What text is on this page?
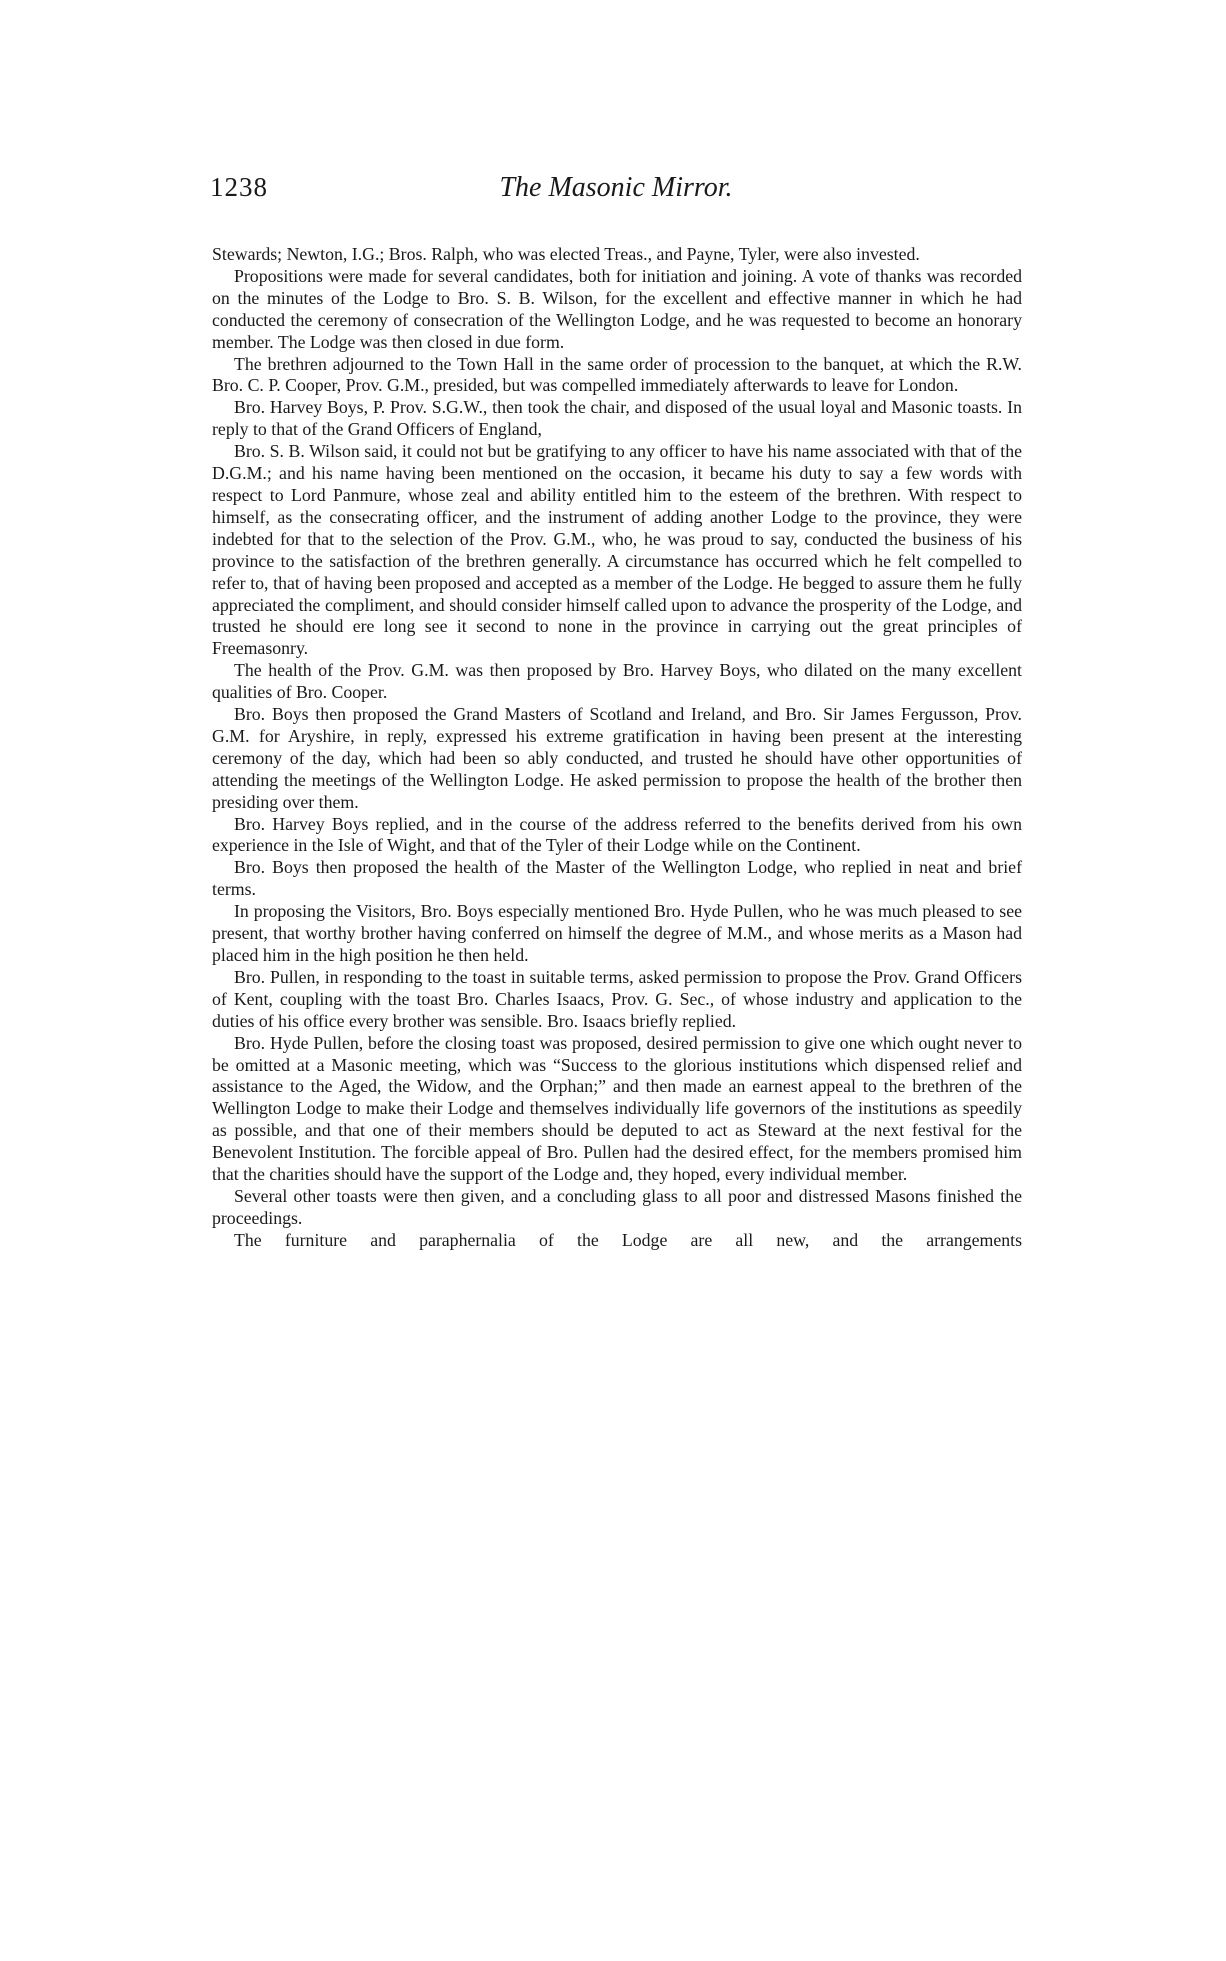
1238	The Masonic Mirror.

Stewards; Newton, I.G.; Bros. Ralph, who was elected Treas., and Payne, Tyler, were also invested.

Propositions were made for several candidates, both for initiation and joining. A vote of thanks was recorded on the minutes of the Lodge to Bro. S. B. Wilson, for the excellent and effective manner in which he had conducted the ceremony of consecration of the Wellington Lodge, and he was requested to become an honorary member. The Lodge was then closed in due form.

The brethren adjourned to the Town Hall in the same order of procession to the banquet, at which the R.W. Bro. C. P. Cooper, Prov. G.M., presided, but was compelled immediately afterwards to leave for London.

Bro. Harvey Boys, P. Prov. S.G.W., then took the chair, and disposed of the usual loyal and Masonic toasts. In reply to that of the Grand Officers of England,

Bro. S. B. Wilson said, it could not but be gratifying to any officer to have his name associated with that of the D.G.M.; and his name having been mentioned on the occasion, it became his duty to say a few words with respect to Lord Panmure, whose zeal and ability entitled him to the esteem of the brethren. With respect to himself, as the consecrating officer, and the instrument of adding another Lodge to the province, they were indebted for that to the selection of the Prov. G.M., who, he was proud to say, conducted the business of his province to the satisfaction of the brethren generally. A circumstance has occurred which he felt compelled to refer to, that of having been proposed and accepted as a member of the Lodge. He begged to assure them he fully appreciated the compliment, and should consider himself called upon to advance the prosperity of the Lodge, and trusted he should ere long see it second to none in the province in carrying out the great principles of Freemasonry.

The health of the Prov. G.M. was then proposed by Bro. Harvey Boys, who dilated on the many excellent qualities of Bro. Cooper.

Bro. Boys then proposed the Grand Masters of Scotland and Ireland, and Bro. Sir James Fergusson, Prov. G.M. for Aryshire, in reply, expressed his extreme gratification in having been present at the interesting ceremony of the day, which had been so ably conducted, and trusted he should have other opportunities of attending the meetings of the Wellington Lodge. He asked permission to propose the health of the brother then presiding over them.

Bro. Harvey Boys replied, and in the course of the address referred to the benefits derived from his own experience in the Isle of Wight, and that of the Tyler of their Lodge while on the Continent.

Bro. Boys then proposed the health of the Master of the Wellington Lodge, who replied in neat and brief terms.

In proposing the Visitors, Bro. Boys especially mentioned Bro. Hyde Pullen, who he was much pleased to see present, that worthy brother having conferred on himself the degree of M.M., and whose merits as a Mason had placed him in the high position he then held.

Bro. Pullen, in responding to the toast in suitable terms, asked permission to propose the Prov. Grand Officers of Kent, coupling with the toast Bro. Charles Isaacs, Prov. G. Sec., of whose industry and application to the duties of his office every brother was sensible. Bro. Isaacs briefly replied.

Bro. Hyde Pullen, before the closing toast was proposed, desired permission to give one which ought never to be omitted at a Masonic meeting, which was “Success to the glorious institutions which dispensed relief and assistance to the Aged, the Widow, and the Orphan;” and then made an earnest appeal to the brethren of the Wellington Lodge to make their Lodge and themselves individually life governors of the institutions as speedily as possible, and that one of their members should be deputed to act as Steward at the next festival for the Benevolent Institution. The forcible appeal of Bro. Pullen had the desired effect, for the members promised him that the charities should have the support of the Lodge and, they hoped, every individual member.

Several other toasts were then given, and a concluding glass to all poor and distressed Masons finished the proceedings.

The furniture and paraphernalia of the Lodge are all new, and the arrangements
